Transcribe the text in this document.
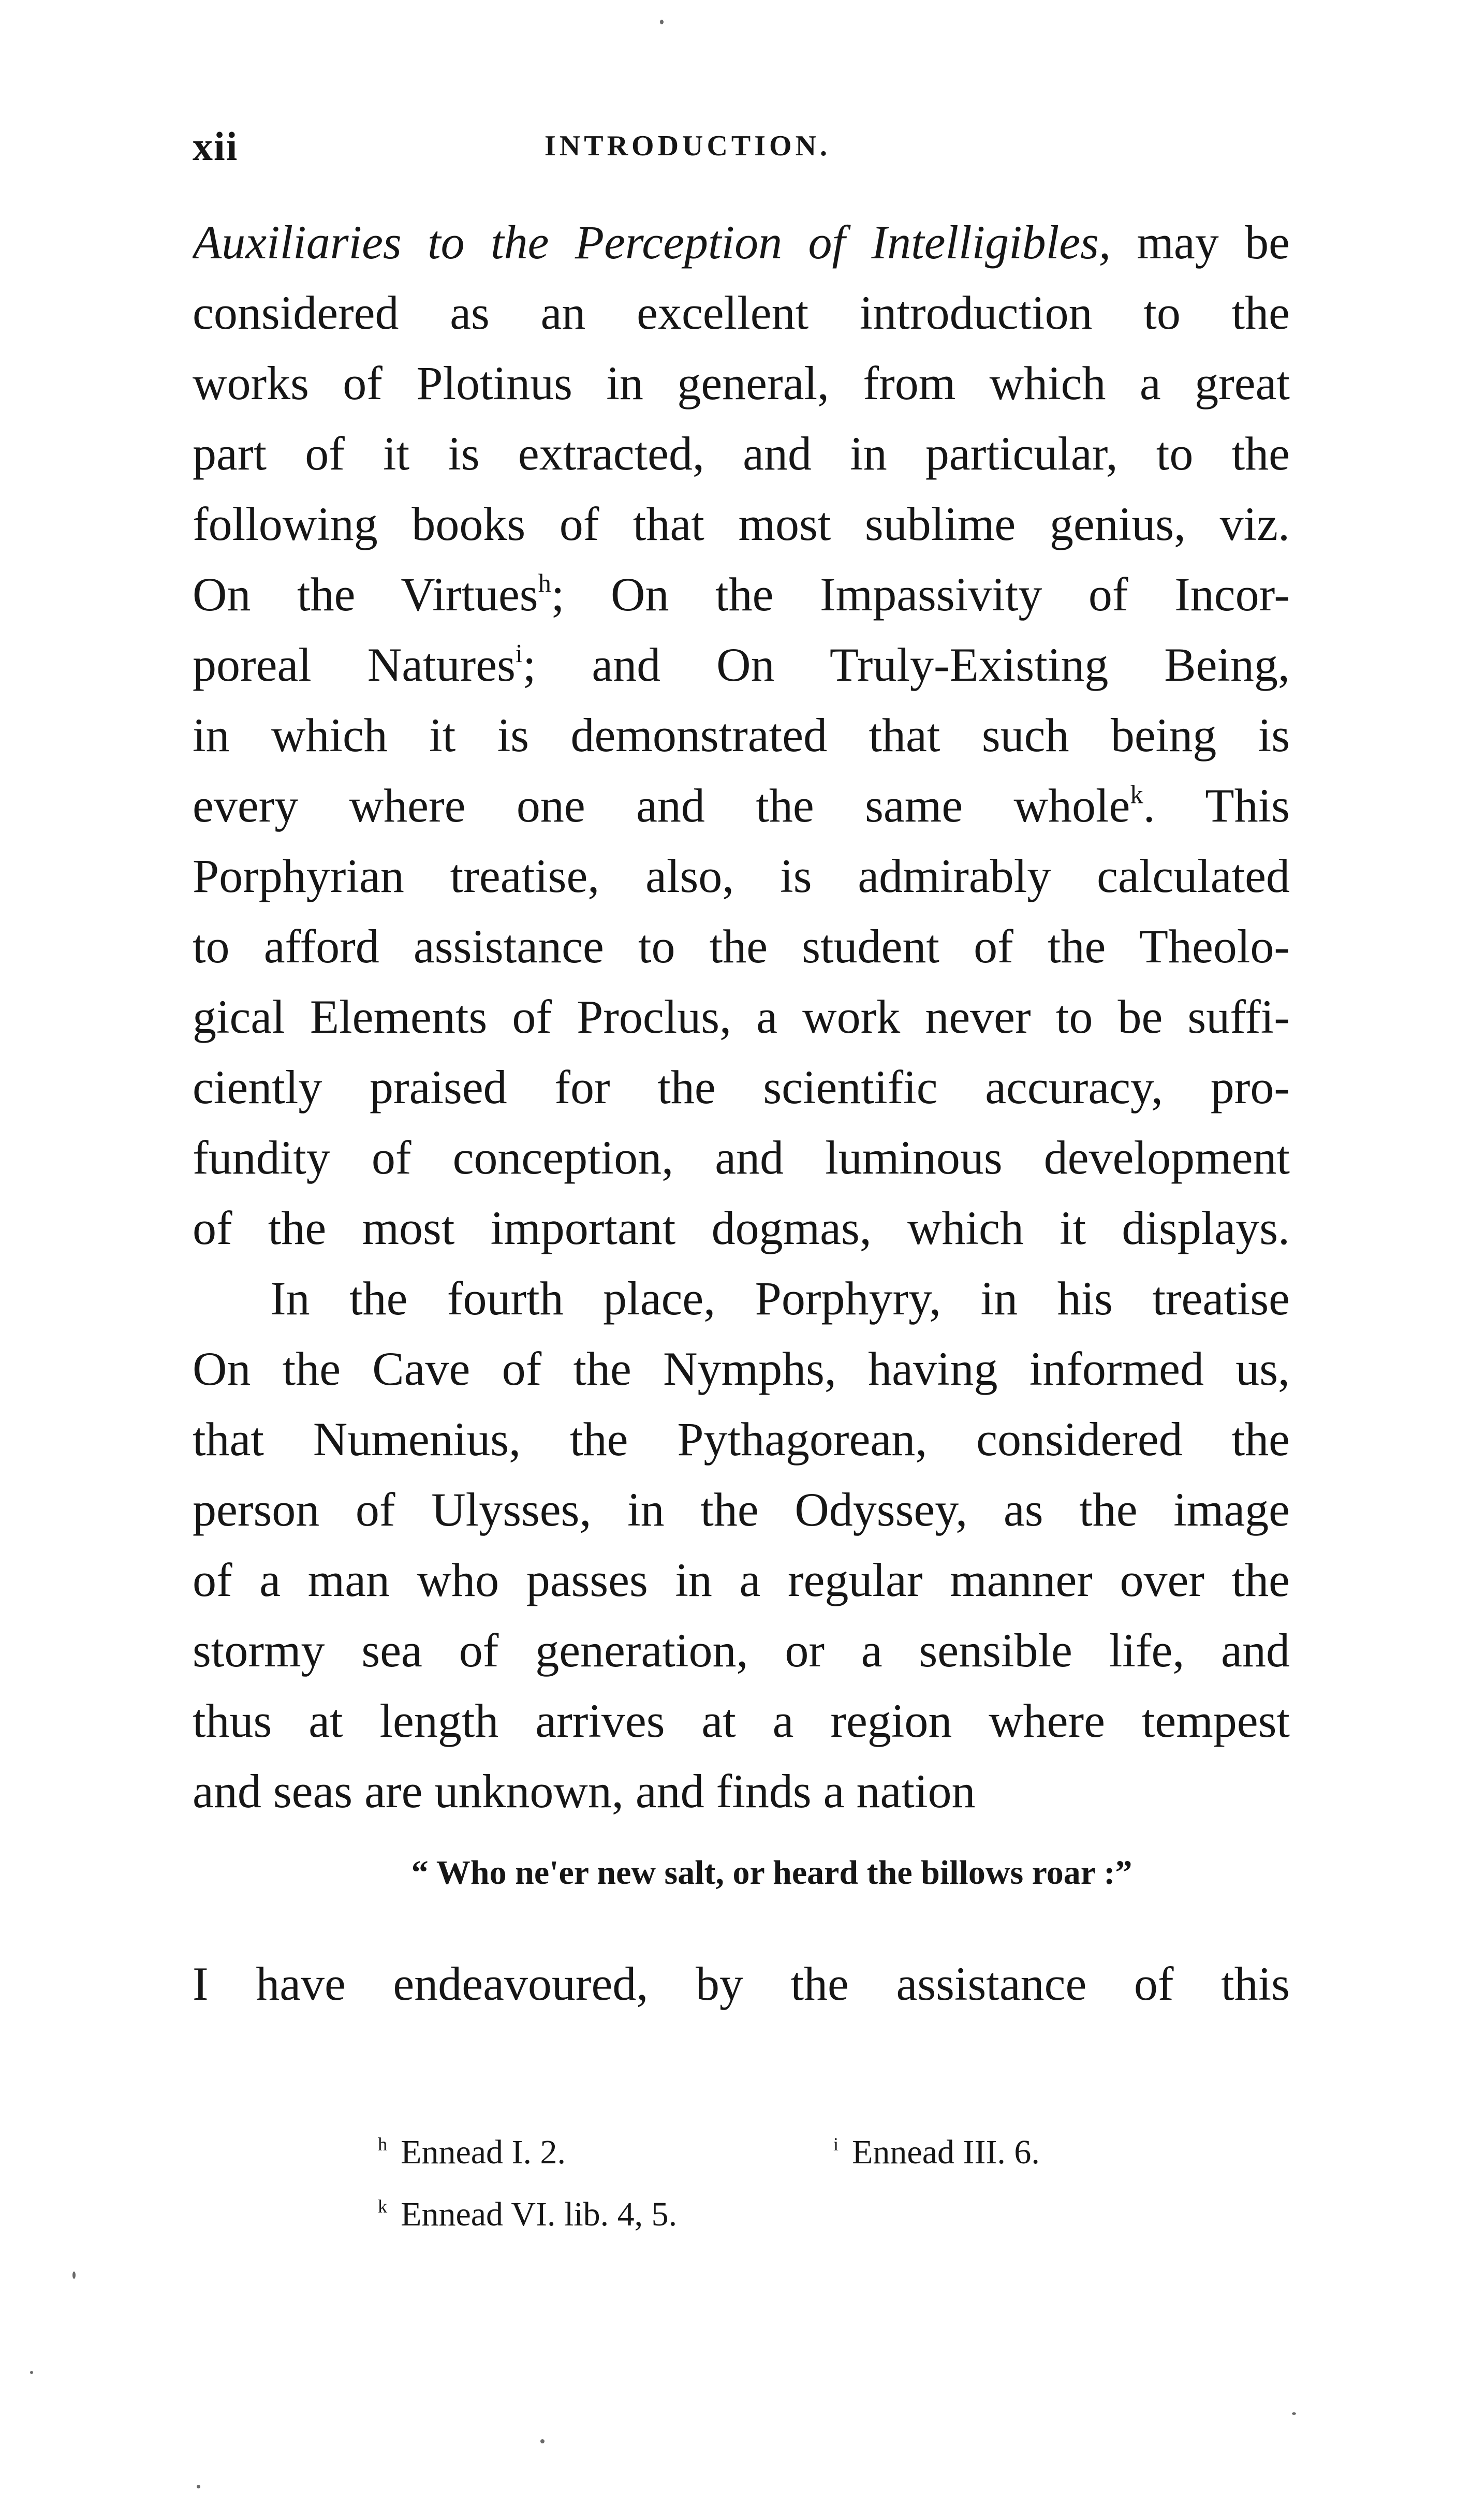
xii	INTRODUCTION.
Auxiliaries to the Perception of Intelligibles, may be
considered as an excellent introduction to the
works of Plotinus in general, from which a great
part of it is extracted, and in particular, to the
following books of that most sublime genius, viz.
On the Virtues$^h$; On the Impassivity of Incor-
poreal Natures$^i$; and On Truly-Existing Being,
in which it is demonstrated that such being is
every where one and the same whole$^k$. This
Porphyrian treatise, also, is admirably calculated
to afford assistance to the student of the Theolo-
gical Elements of Proclus, a work never to be suffi-
ciently praised for the scientific accuracy, pro-
fundity of conception, and luminous development
of the most important dogmas, which it displays.
In the fourth place, Porphyry, in his treatise
On the Cave of the Nymphs, having informed us,
that Numenius, the Pythagorean, considered the
person of Ulysses, in the Odyssey, as the image
of a man who passes in a regular manner over the
stormy sea of generation, or a sensible life, and
thus at length arrives at a region where tempest
and seas are unknown, and finds a nation
“ Who ne'er new salt, or heard the billows roar :”
I have endeavoured, by the assistance of this
$^h$ Ennead I. 2.	$^i$ Ennead III. 6.
$^k$ Ennead VI. lib. 4, 5.
